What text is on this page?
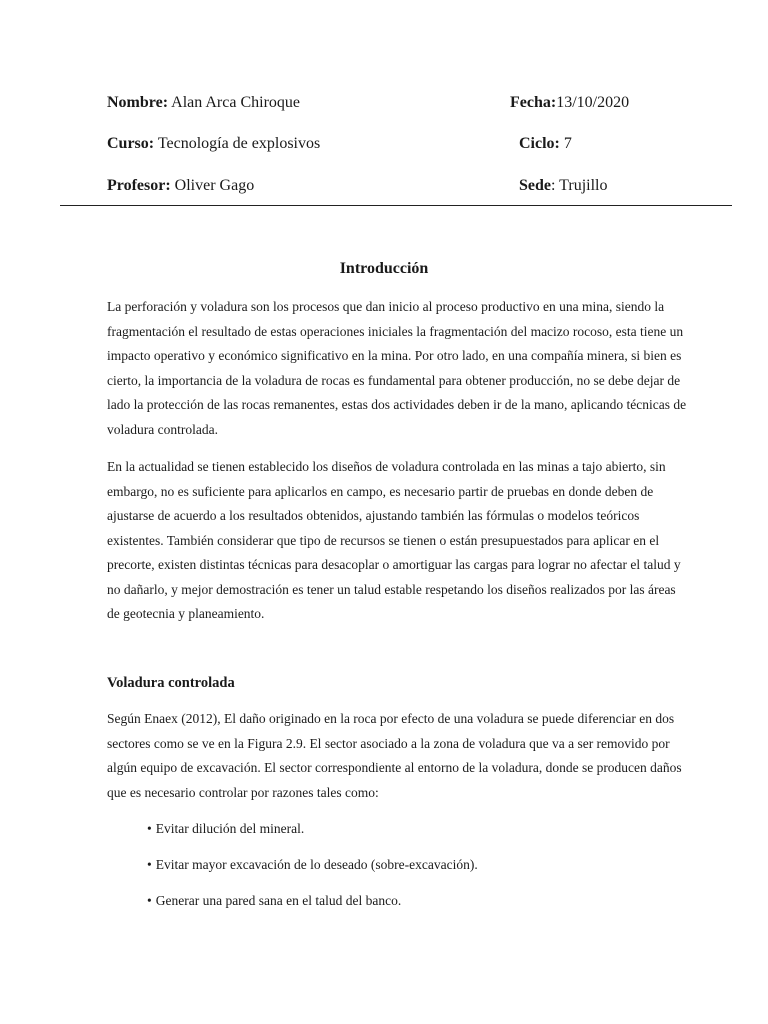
Nombre: Alan Arca Chiroque	Fecha:13/10/2020
Curso: Tecnología de explosivos	Ciclo: 7
Profesor: Oliver Gago	Sede: Trujillo
Introducción
La perforación y voladura son los procesos que dan inicio al proceso productivo en una mina, siendo la fragmentación el resultado de estas operaciones iniciales la fragmentación del macizo rocoso, esta tiene un impacto operativo y económico significativo en la mina. Por otro lado, en una compañía minera, si bien es cierto, la importancia de la voladura de rocas es fundamental para obtener producción, no se debe dejar de lado la protección de las rocas remanentes, estas dos actividades deben ir de la mano, aplicando técnicas de voladura controlada.
En la actualidad se tienen establecido los diseños de voladura controlada en las minas a tajo abierto, sin embargo, no es suficiente para aplicarlos en campo, es necesario partir de pruebas en donde deben de ajustarse de acuerdo a los resultados obtenidos, ajustando también las fórmulas o modelos teóricos existentes. También considerar que tipo de recursos se tienen o están presupuestados para aplicar en el precorte, existen distintas técnicas para desacoplar o amortiguar las cargas para lograr no afectar el talud y no dañarlo, y mejor demostración es tener un talud estable respetando los diseños realizados por las áreas de geotecnia y planeamiento.
Voladura controlada
Según Enaex (2012), El daño originado en la roca por efecto de una voladura se puede diferenciar en dos sectores como se ve en la Figura 2.9. El sector asociado a la zona de voladura que va a ser removido por algún equipo de excavación. El sector correspondiente al entorno de la voladura, donde se producen daños que es necesario controlar por razones tales como:
• Evitar dilución del mineral.
• Evitar mayor excavación de lo deseado (sobre-excavación).
• Generar una pared sana en el talud del banco.
